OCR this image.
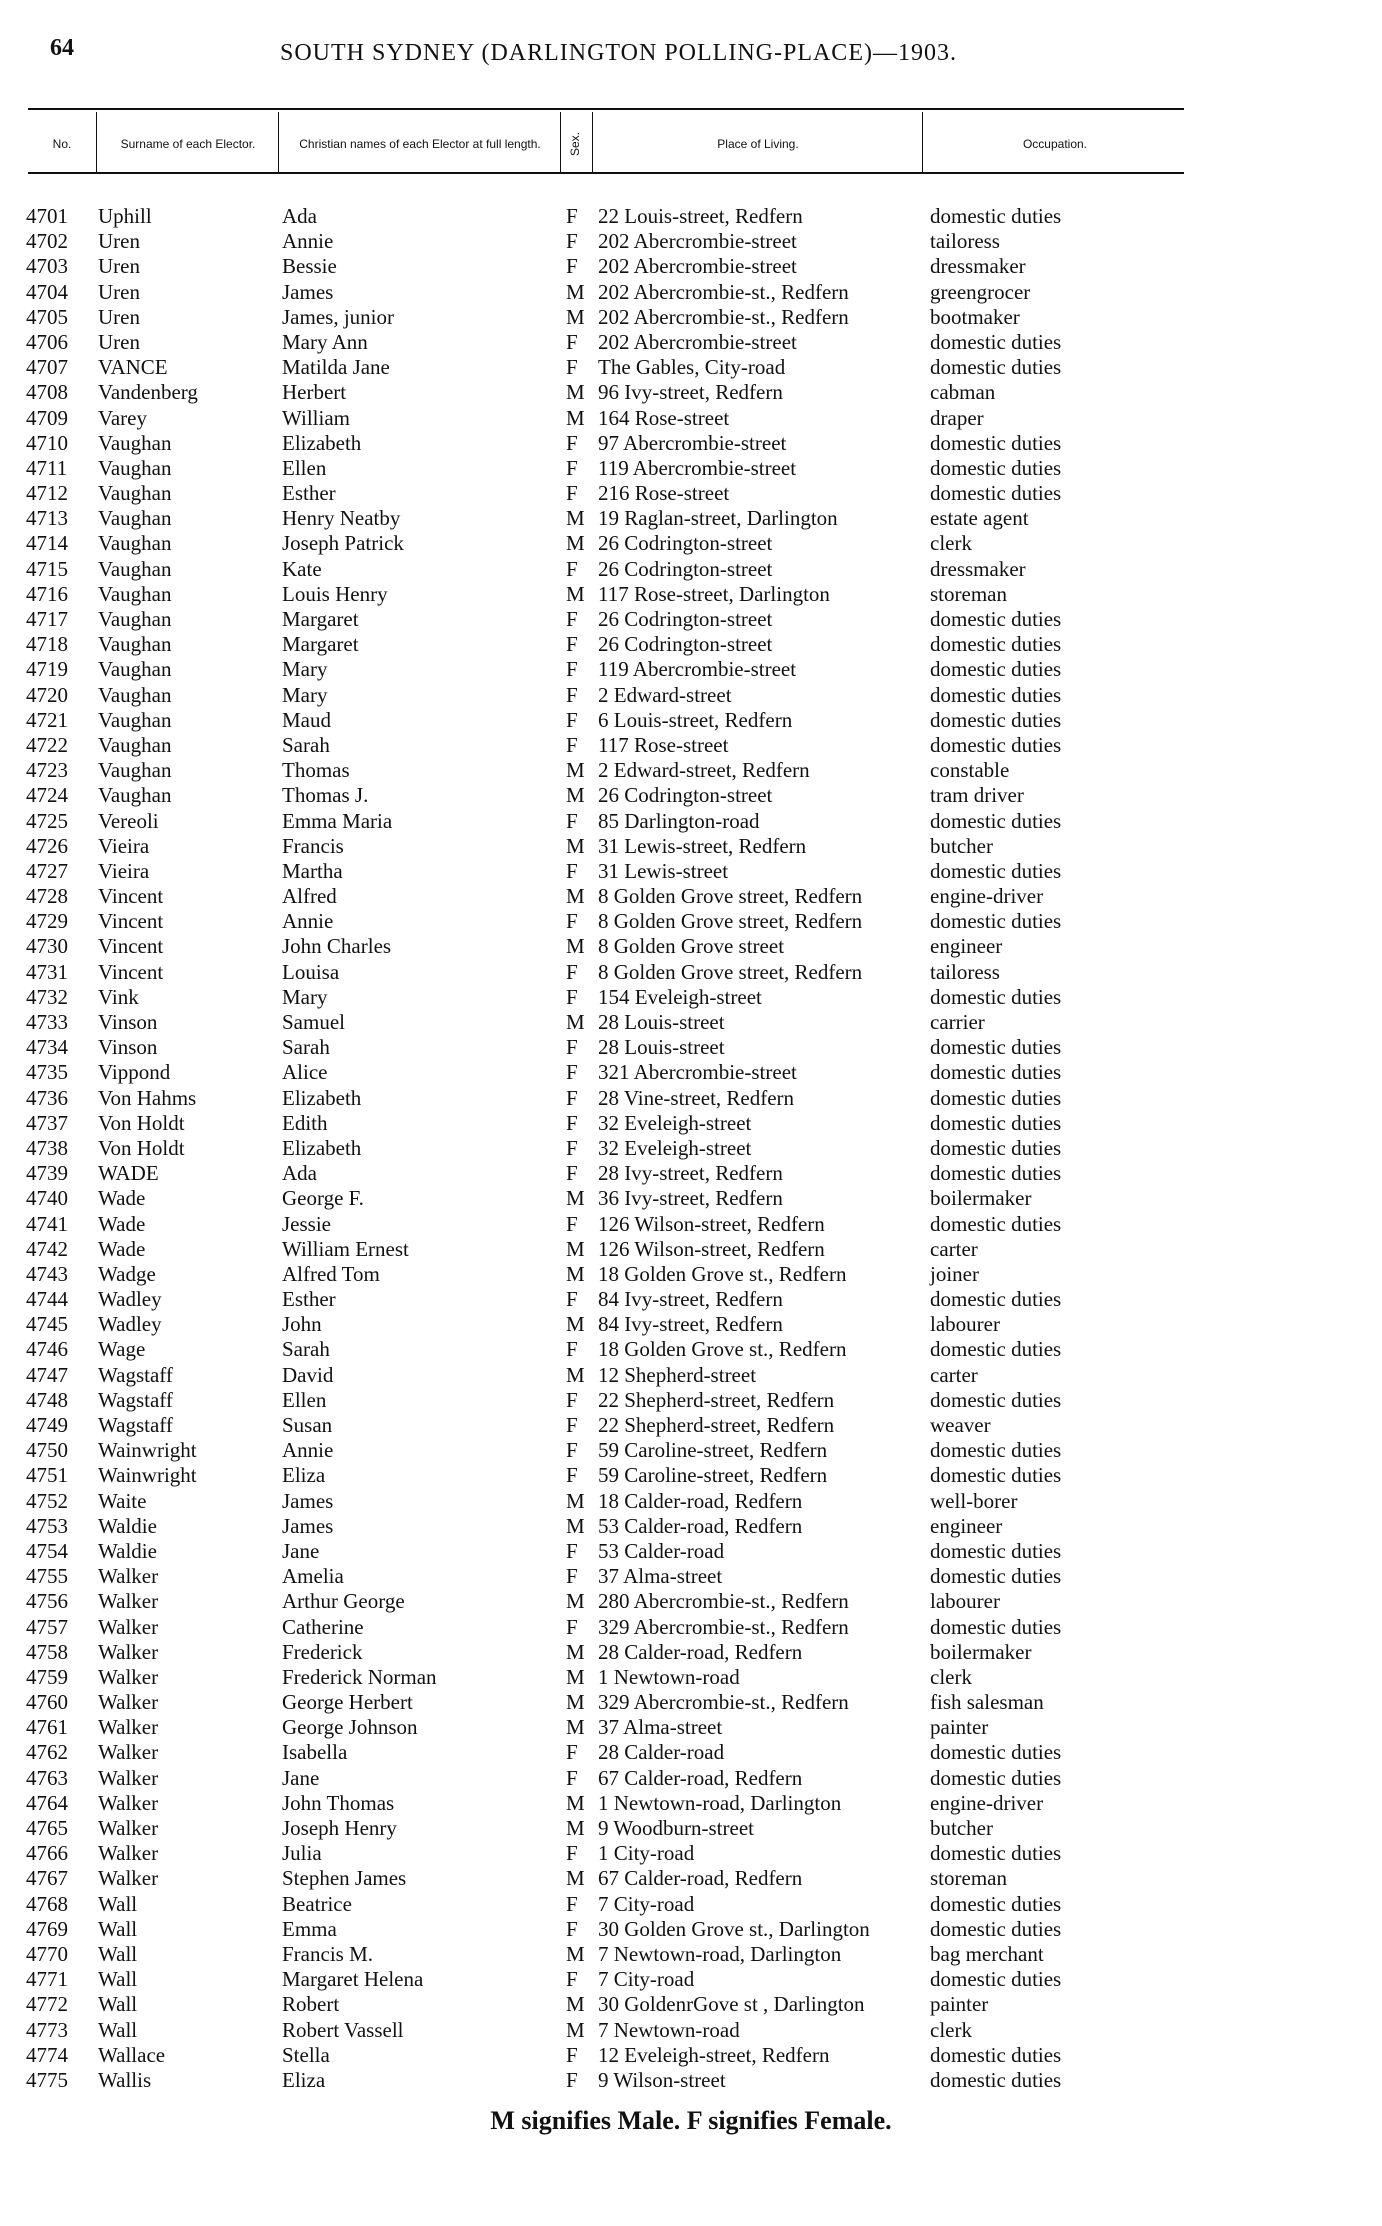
64	SOUTH SYDNEY (DARLINGTON POLLING-PLACE)—1903.
No.	Surname of each Elector.	Christian names of each Elector at full length.	Sex.	Place of Living.	Occupation.
4701	Uphill	Ada	F 22 Louis-street, Redfern	domestic duties
4702	Uren	Annie	F 202 Abercrombie-street	tailoress
4703	Uren	Bessie	F 202 Abercrombie-street	dressmaker
4704	Uren	James	M 202 Abercrombie-st., Redfern	greengrocer
4705	Uren	James, junior	M 202 Abercrombie-st., Redfern	bootmaker
4706	Uren	Mary Ann	F 202 Abercrombie-street	domestic duties
4707	VANCE	Matilda Jane	F The Gables, City-road	domestic duties
4708	Vandenberg	Herbert	M 96 Ivy-street, Redfern	cabman
4709	Varey	William	M 164 Rose-street	draper
4710	Vaughan	Elizabeth	F 97 Abercrombie-street	domestic duties
4711	Vaughan	Ellen	F 119 Abercrombie-street	domestic duties
4712	Vaughan	Esther	F 216 Rose-street	domestic duties
4713	Vaughan	Henry Neatby	M 19 Raglan-street, Darlington	estate agent
4714	Vaughan	Joseph Patrick	M 26 Codrington-street	clerk
4715	Vaughan	Kate	F 26 Codrington-street	dressmaker
4716	Vaughan	Louis Henry	M 117 Rose-street, Darlington	storeman
4717	Vaughan	Margaret	F 26 Codrington-street	domestic duties
4718	Vaughan	Margaret	F 26 Codrington-street	domestic duties
4719	Vaughan	Mary	F 119 Abercrombie-street	domestic duties
4720	Vaughan	Mary	F 2 Edward-street	domestic duties
4721	Vaughan	Maud	F 6 Louis-street, Redfern	domestic duties
4722	Vaughan	Sarah	F 117 Rose-street	domestic duties
4723	Vaughan	Thomas	M 2 Edward-street, Redfern	constable
4724	Vaughan	Thomas J.	M 26 Codrington-street	tram driver
4725	Vereoli	Emma Maria	F 85 Darlington-road	domestic duties
4726	Vieira	Francis	M 31 Lewis-street, Redfern	butcher
4727	Vieira	Martha	F 31 Lewis-street	domestic duties
4728	Vincent	Alfred	M 8 Golden Grove street, Redfern	engine-driver
4729	Vincent	Annie	F 8 Golden Grove street, Redfern	domestic duties
4730	Vincent	John Charles	M 8 Golden Grove street	engineer
4731	Vincent	Louisa	F 8 Golden Grove street, Redfern	tailoress
4732	Vink	Mary	F 154 Eveleigh-street	domestic duties
4733	Vinson	Samuel	M 28 Louis-street	carrier
4734	Vinson	Sarah	F 28 Louis-street	domestic duties
4735	Vippond	Alice	F 321 Abercrombie-street	domestic duties
4736	Von Hahms	Elizabeth	F 28 Vine-street, Redfern	domestic duties
4737	Von Holdt	Edith	F 32 Eveleigh-street	domestic duties
4738	Von Holdt	Elizabeth	F 32 Eveleigh-street	domestic duties
4739	WADE	Ada	F 28 Ivy-street, Redfern	domestic duties
4740	Wade	George F.	M 36 Ivy-street, Redfern	boilermaker
4741	Wade	Jessie	F 126 Wilson-street, Redfern	domestic duties
4742	Wade	William Ernest	M 126 Wilson-street, Redfern	carter
4743	Wadge	Alfred Tom	M 18 Golden Grove st., Redfern	joiner
4744	Wadley	Esther	F 84 Ivy-street, Redfern	domestic duties
4745	Wadley	John	M 84 Ivy-street, Redfern	labourer
4746	Wage	Sarah	F 18 Golden Grove st., Redfern	domestic duties
4747	Wagstaff	David	M 12 Shepherd-street	carter
4748	Wagstaff	Ellen	F 22 Shepherd-street, Redfern	domestic duties
4749	Wagstaff	Susan	F 22 Shepherd-street, Redfern	weaver
4750	Wainwright	Annie	F 59 Caroline-street, Redfern	domestic duties
4751	Wainwright	Eliza	F 59 Caroline-street, Redfern	domestic duties
4752	Waite	James	M 18 Calder-road, Redfern	well-borer
4753	Waldie	James	M 53 Calder-road, Redfern	engineer
4754	Waldie	Jane	F 53 Calder-road	domestic duties
4755	Walker	Amelia	F 37 Alma-street	domestic duties
4756	Walker	Arthur George	M 280 Abercrombie-st., Redfern	labourer
4757	Walker	Catherine	F 329 Abercrombie-st., Redfern	domestic duties
4758	Walker	Frederick	M 28 Calder-road, Redfern	boilermaker
4759	Walker	Frederick Norman	M 1 Newtown-road	clerk
4760	Walker	George Herbert	M 329 Abercrombie-st., Redfern	fish salesman
4761	Walker	George Johnson	M 37 Alma-street	painter
4762	Walker	Isabella	F 28 Calder-road	domestic duties
4763	Walker	Jane	F 67 Calder-road, Redfern	domestic duties
4764	Walker	John Thomas	M 1 Newtown-road, Darlington	engine-driver
4765	Walker	Joseph Henry	M 9 Woodburn-street	butcher
4766	Walker	Julia	F 1 City-road	domestic duties
4767	Walker	Stephen James	M 67 Calder-road, Redfern	storeman
4768	Wall	Beatrice	F 7 City-road	domestic duties
4769	Wall	Emma	F 30 Golden Grove st., Darlington	domestic duties
4770	Wall	Francis M.	M 7 Newtown-road, Darlington	bag merchant
4771	Wall	Margaret Helena	F 7 City-road	domestic duties
4772	Wall	Robert	M 30 GoldenrGove st , Darlington	painter
4773	Wall	Robert Vassell	M 7 Newtown-road	clerk
4774	Wallace	Stella	F 12 Eveleigh-street, Redfern	domestic duties
4775	Wallis	Eliza	F 9 Wilson-street	domestic duties
M signifies Male. F signifies Female.
